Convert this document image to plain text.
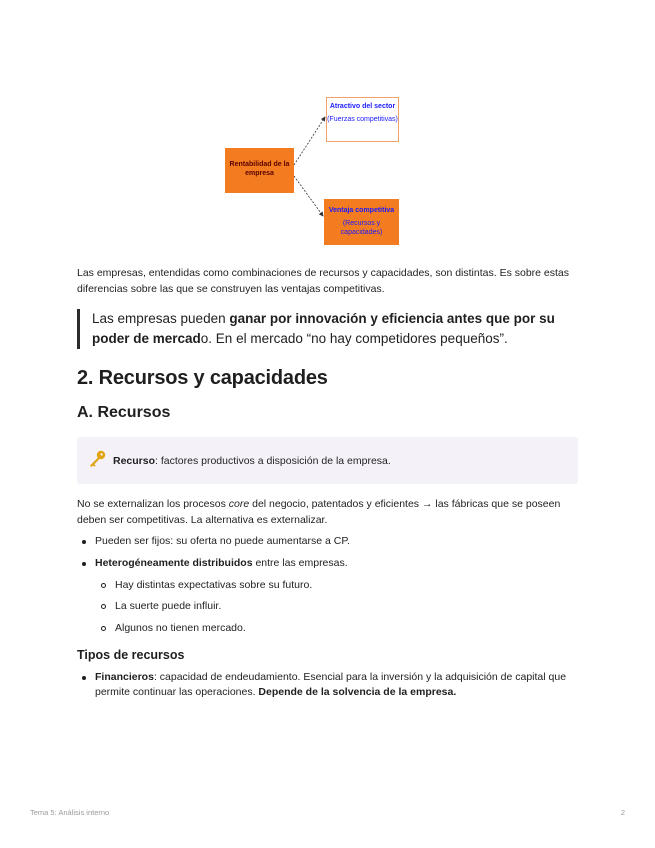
Rentabilidad de la empresa
Atractivo del sector
(Fuerzas competitivas)
Ventaja competitiva
(Recursos y capacidades)

Las empresas, entendidas como combinaciones de recursos y capacidades, son distintas. Es sobre estas diferencias sobre las que se construyen las ventajas competitivas.

Las empresas pueden ganar por innovación y eficiencia antes que por su poder de mercado. En el mercado “no hay competidores pequeños”.
2. Recursos y capacidades
A. Recursos
Recurso: factores productivos a disposición de la empresa.

No se externalizan los procesos core del negocio, patentados y eficientes → las fábricas que se poseen deben ser competitivas. La alternativa es externalizar.

Pueden ser fijos: su oferta no puede aumentarse a CP.
Heterogéneamente distribuidos entre las empresas.
Hay distintas expectativas sobre su futuro.
La suerte puede influir.
Algunos no tienen mercado.
Tipos de recursos
Financieros: capacidad de endeudamiento. Esencial para la inversión y la adquisición de capital que permite continuar las operaciones. Depende de la solvencia de la empresa.
Tema 5: Análisis interno	2
